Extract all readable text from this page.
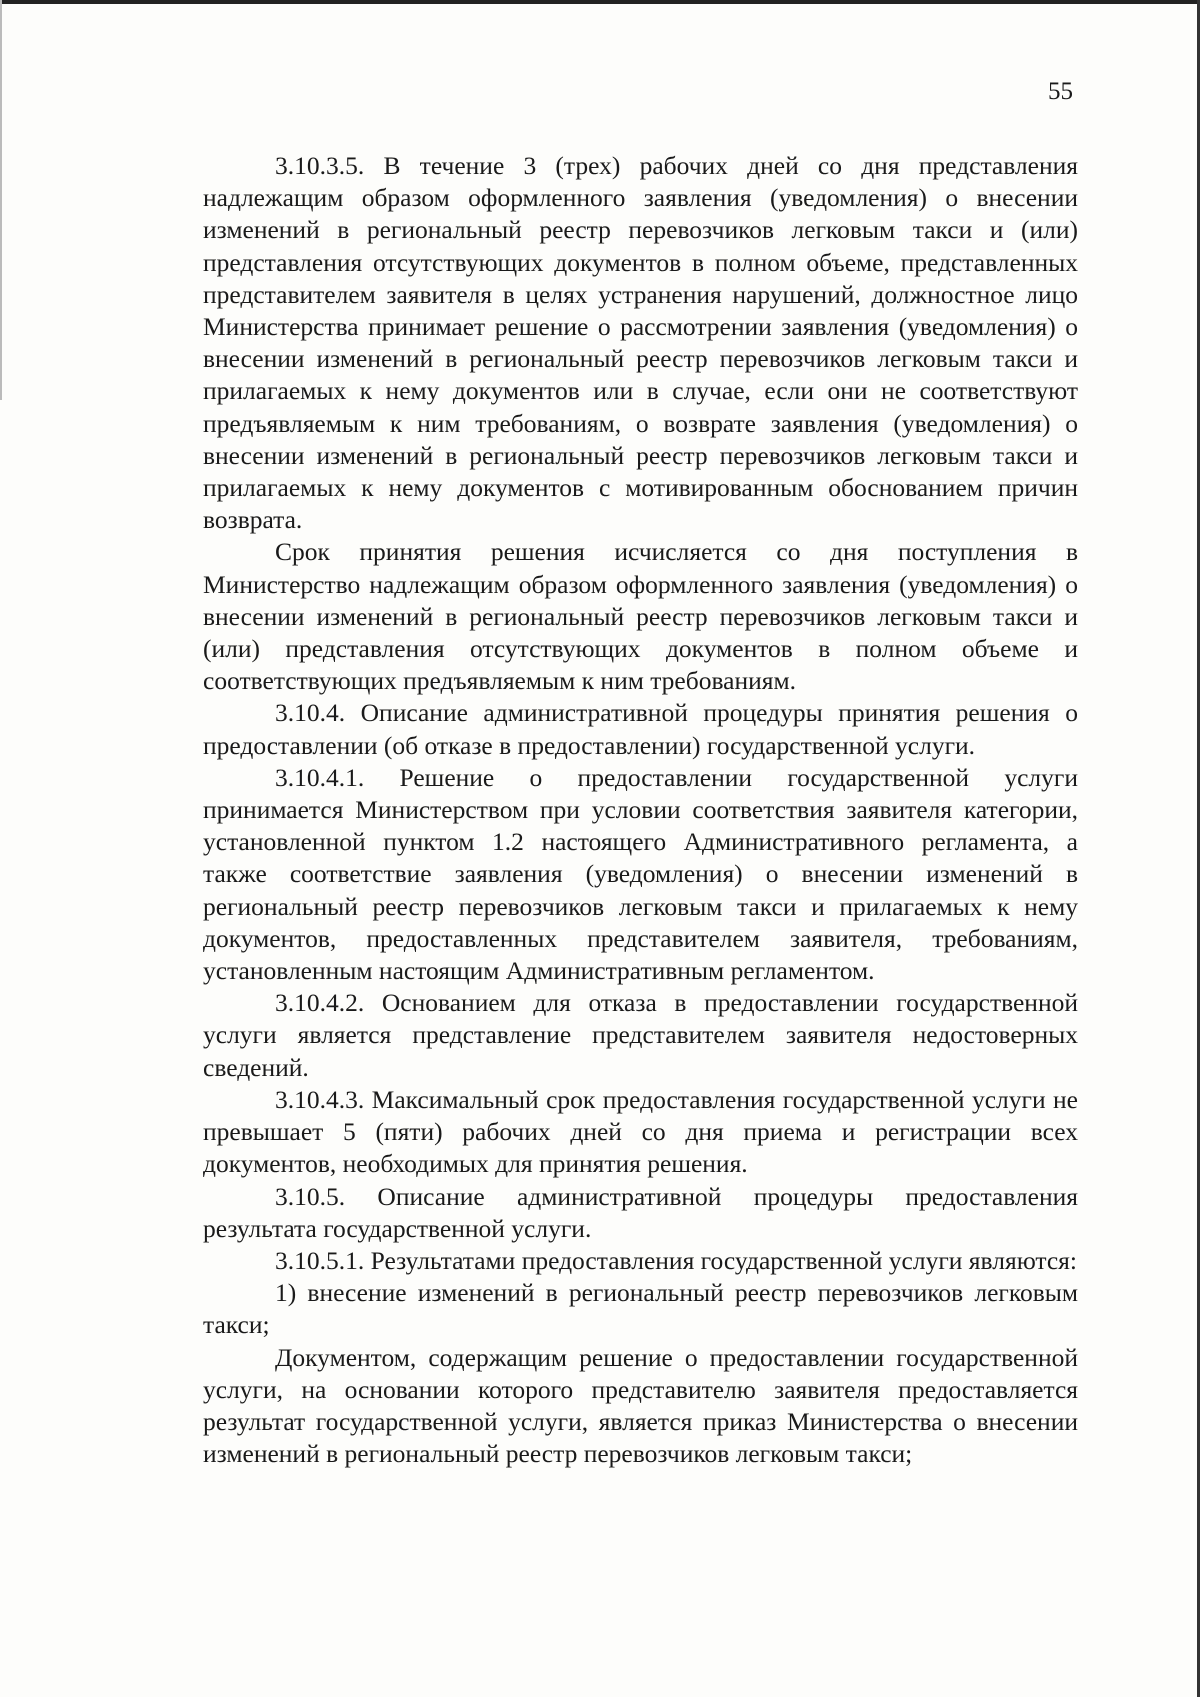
55

3.10.3.5. В течение 3 (трех) рабочих дней со дня представления надлежащим образом оформленного заявления (уведомления) о внесении изменений в региональный реестр перевозчиков легковым такси и (или) представления отсутствующих документов в полном объеме, представленных представителем заявителя в целях устранения нарушений, должностное лицо Министерства принимает решение о рассмотрении заявления (уведомления) о внесении изменений в региональный реестр перевозчиков легковым такси и прилагаемых к нему документов или в случае, если они не соответствуют предъявляемым к ним требованиям, о возврате заявления (уведомления) о внесении изменений в региональный реестр перевозчиков легковым такси и прилагаемых к нему документов с мотивированным обоснованием причин возврата.

Срок принятия решения исчисляется со дня поступления в Министерство надлежащим образом оформленного заявления (уведомления) о внесении изменений в региональный реестр перевозчиков легковым такси и (или) представления отсутствующих документов в полном объеме и соответствующих предъявляемым к ним требованиям.

3.10.4. Описание административной процедуры принятия решения о предоставлении (об отказе в предоставлении) государственной услуги.

3.10.4.1. Решение о предоставлении государственной услуги принимается Министерством при условии соответствия заявителя категории, установленной пунктом 1.2 настоящего Административного регламента, а также соответствие заявления (уведомления) о внесении изменений в региональный реестр перевозчиков легковым такси и прилагаемых к нему документов, предоставленных представителем заявителя, требованиям, установленным настоящим Административным регламентом.

3.10.4.2. Основанием для отказа в предоставлении государственной услуги является представление представителем заявителя недостоверных сведений.

3.10.4.3. Максимальный срок предоставления государственной услуги не превышает 5 (пяти) рабочих дней со дня приема и регистрации всех документов, необходимых для принятия решения.

3.10.5. Описание административной процедуры предоставления результата государственной услуги.

3.10.5.1. Результатами предоставления государственной услуги являются:

1) внесение изменений в региональный реестр перевозчиков легковым такси;

Документом, содержащим решение о предоставлении государственной услуги, на основании которого представителю заявителя предоставляется результат государственной услуги, является приказ Министерства о внесении изменений в региональный реестр перевозчиков легковым такси;
